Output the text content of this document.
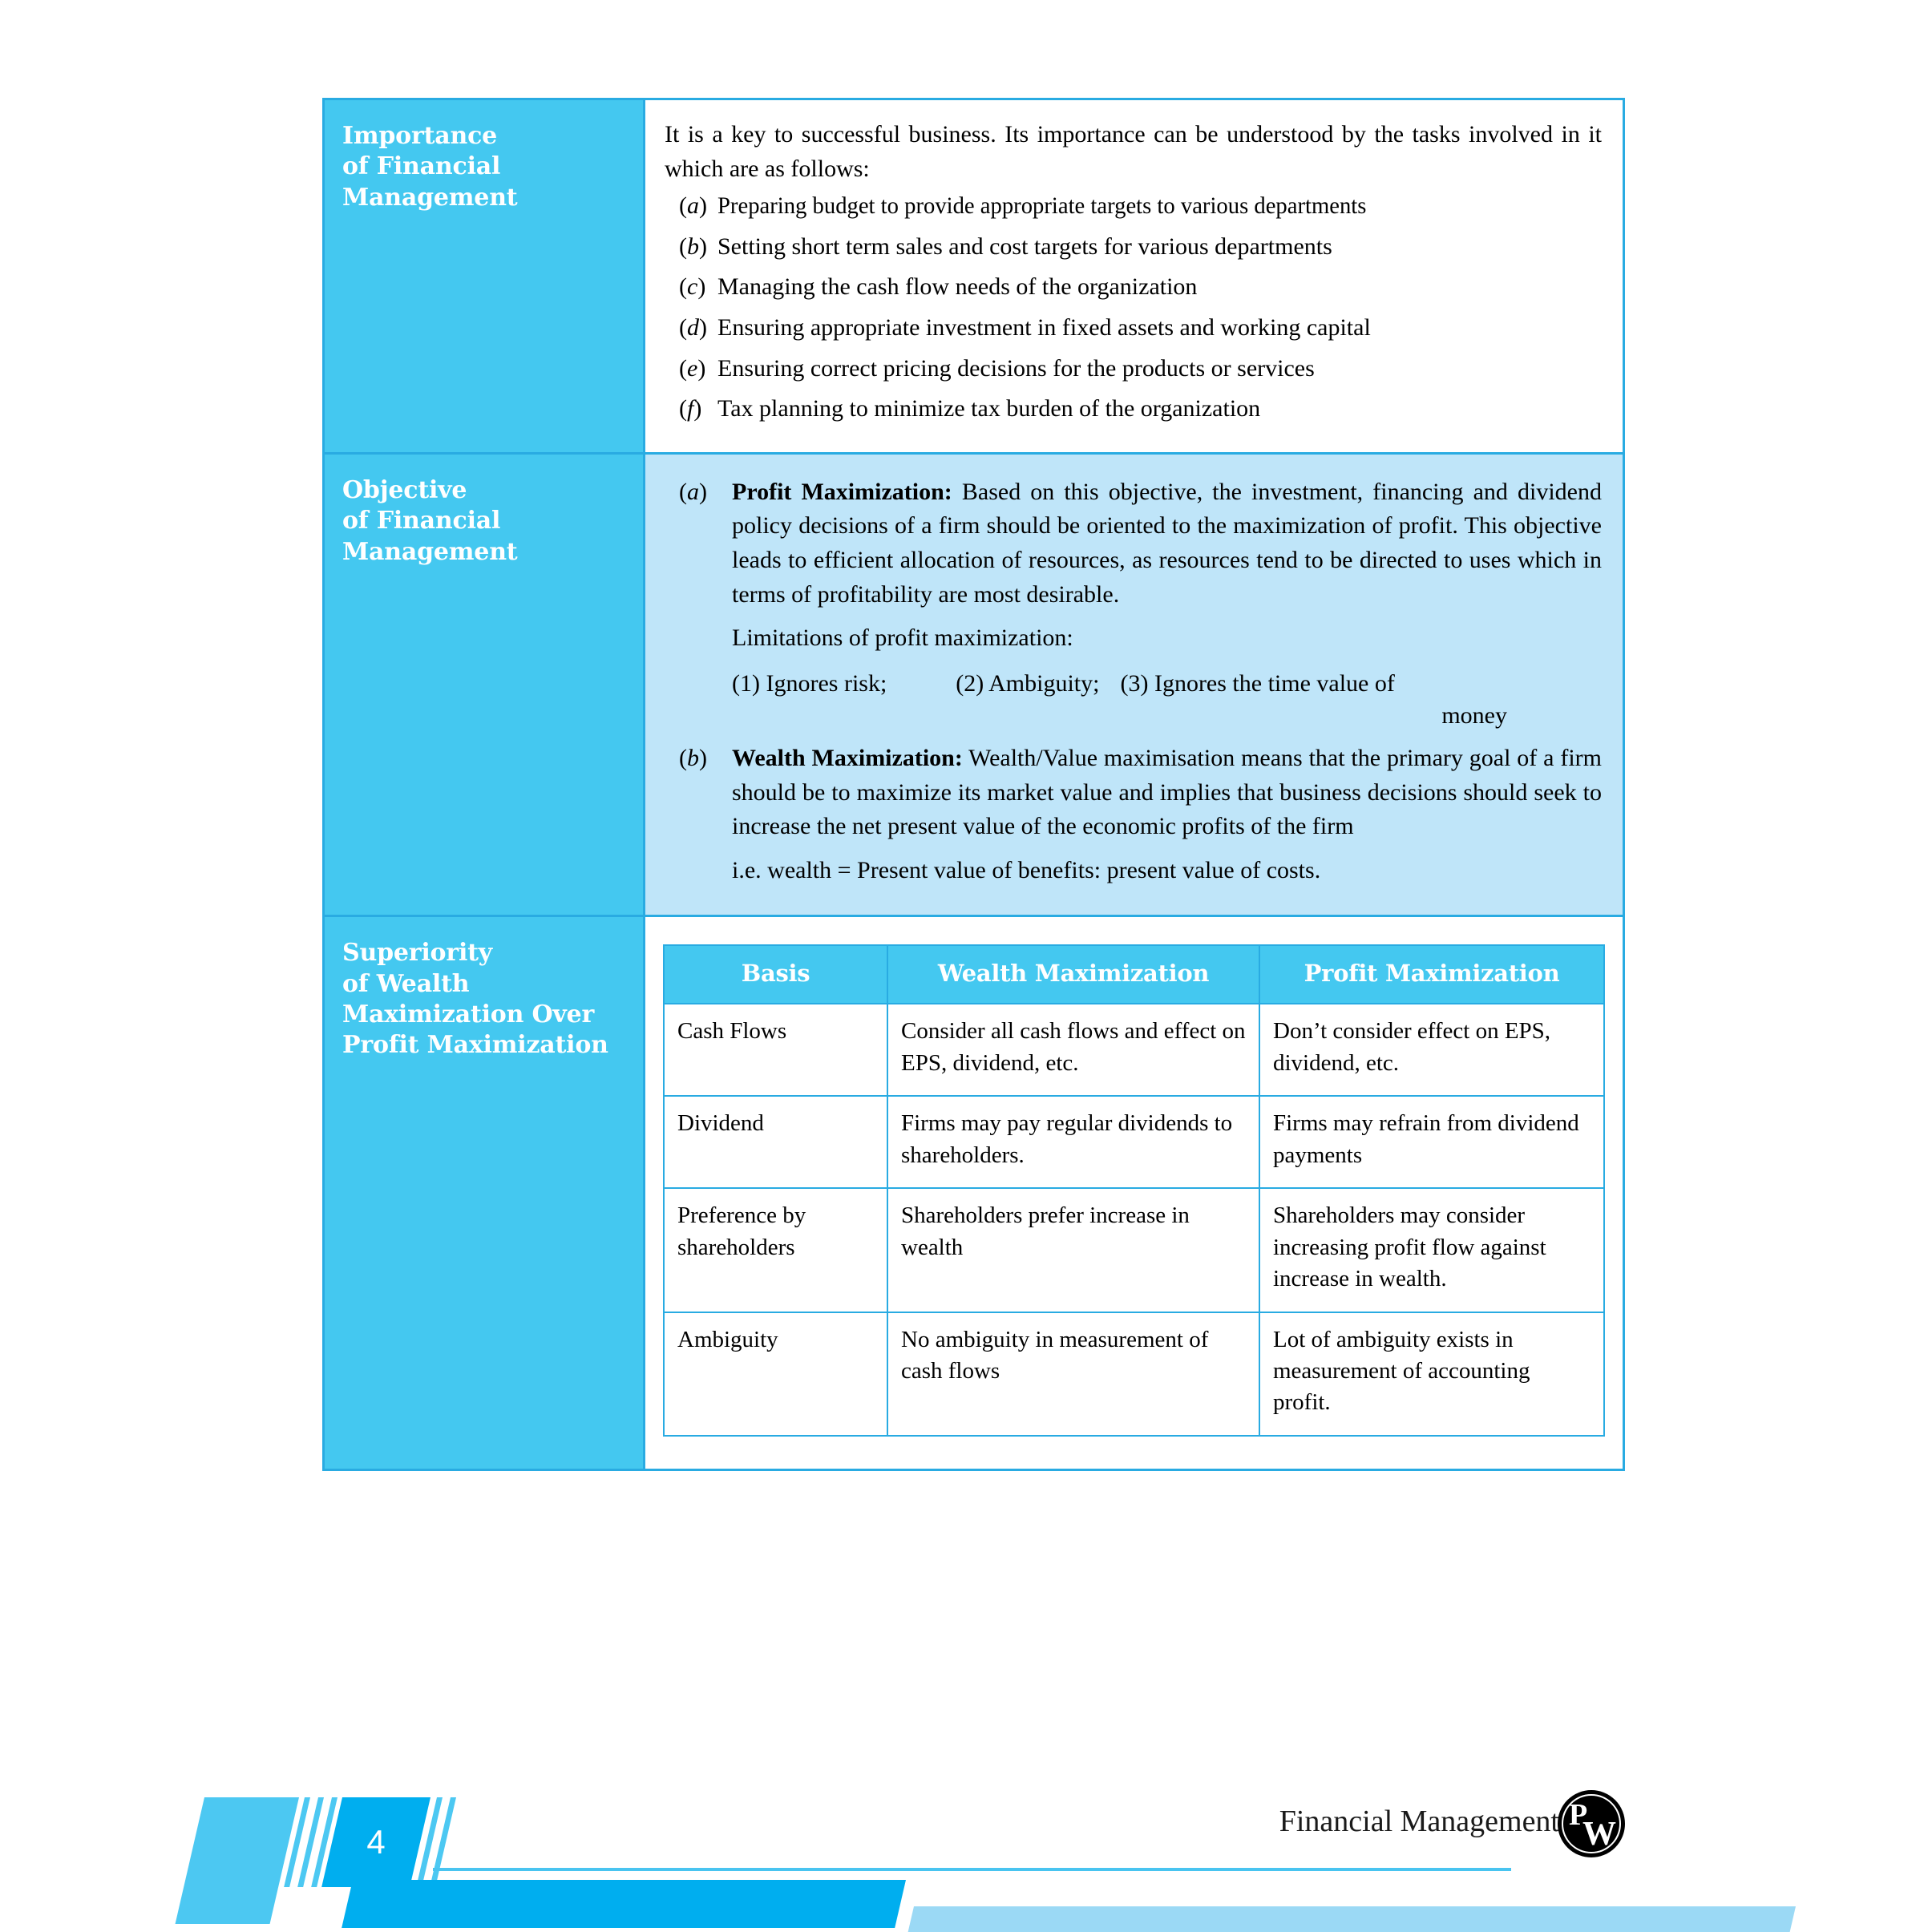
Importance
of Financial
Management

It is a key to successful business. Its importance can be understood by the tasks involved in it which are as follows:

(a) Preparing budget to provide appropriate targets to various departments
(b) Setting short term sales and cost targets for various departments
(c) Managing the cash flow needs of the organization
(d) Ensuring appropriate investment in fixed assets and working capital
(e) Ensuring correct pricing decisions for the products or services
(f) Tax planning to minimize tax burden of the organization

Objective
of Financial
Management

(a)	Profit Maximization: Based on this objective, the investment, financing and dividend policy decisions of a firm should be oriented to the maximization of profit. This objective leads to efficient allocation of resources, as resources tend to be directed to uses which in terms of profitability are most desirable.
Limitations of profit maximization:
(1) Ignores risk;	(2) Ambiguity; (3) Ignores the time value of
money
(b)	Wealth Maximization: Wealth/Value maximisation means that the primary goal of a firm should be to maximize its market value and implies that business decisions should seek to increase the net present value of the economic profits of the firm
i.e. wealth = Present value of benefits: present value of costs.

Superiority
of Wealth
Maximization Over
Profit Maximization

Basis	Wealth Maximization	Profit Maximization
Cash Flows	Consider all cash flows and effect on EPS, dividend, etc.	Don’t consider effect on EPS, dividend, etc.
Dividend	Firms may pay regular dividends to shareholders.	Firms may refrain from dividend payments
Preference by shareholders	Shareholders prefer increase in wealth	Shareholders may consider increasing profit flow against increase in wealth.
Ambiguity	No ambiguity in measurement of cash flows	Lot of ambiguity exists in measurement of accounting profit.
4
Financial Management P
W
